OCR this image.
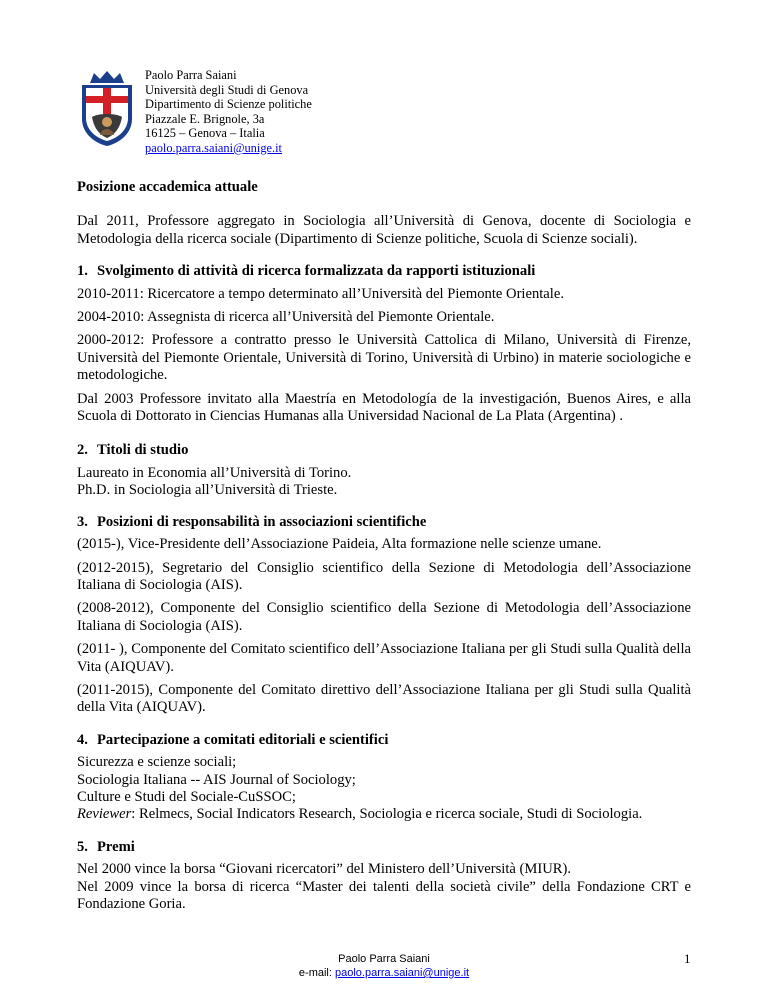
Paolo Parra Saiani
Università degli Studi di Genova
Dipartimento di Scienze politiche
Piazzale E. Brignole, 3a
16125 – Genova – Italia
paolo.parra.saiani@unige.it

Posizione accademica attuale

Dal 2011, Professore aggregato in Sociologia all’Università di Genova, docente di Sociologia e Metodologia della ricerca sociale (Dipartimento di Scienze politiche, Scuola di Scienze sociali).

1. Svolgimento di attività di ricerca formalizzata da rapporti istituzionali

2010-2011: Ricercatore a tempo determinato all’Università del Piemonte Orientale.

2004-2010: Assegnista di ricerca all’Università del Piemonte Orientale.

2000-2012: Professore a contratto presso le Università Cattolica di Milano, Università di Firenze, Università del Piemonte Orientale, Università di Torino, Università di Urbino) in materie sociologiche e metodologiche.

Dal 2003 Professore invitato alla Maestría en Metodología de la investigación, Buenos Aires, e alla Scuola di Dottorato in Ciencias Humanas alla Universidad Nacional de La Plata (Argentina) .

2. Titoli di studio

Laureato in Economia all’Università di Torino.

Ph.D. in Sociologia all’Università di Trieste.

3. Posizioni di responsabilità in associazioni scientifiche

(2015-), Vice-Presidente dell’Associazione Paideia, Alta formazione nelle scienze umane.

(2012-2015), Segretario del Consiglio scientifico della Sezione di Metodologia dell’Associazione Italiana di Sociologia (AIS).

(2008-2012), Componente del Consiglio scientifico della Sezione di Metodologia dell’Associazione Italiana di Sociologia (AIS).

(2011- ), Componente del Comitato scientifico dell’Associazione Italiana per gli Studi sulla Qualità della Vita (AIQUAV).

(2011-2015), Componente del Comitato direttivo dell’Associazione Italiana per gli Studi sulla Qualità della Vita (AIQUAV).

4. Partecipazione a comitati editoriali e scientifici

Sicurezza e scienze sociali;

Sociologia Italiana -- AIS Journal of Sociology;

Culture e Studi del Sociale-CuSSOC;

Reviewer: Relmecs, Social Indicators Research, Sociologia e ricerca sociale, Studi di Sociologia.

5. Premi

Nel 2000 vince la borsa “Giovani ricercatori” del Ministero dell’Università (MIUR).

Nel 2009 vince la borsa di ricerca “Master dei talenti della società civile” della Fondazione CRT e Fondazione Goria.

Paolo Parra Saiani
e-mail: paolo.parra.saiani@unige.it
1
